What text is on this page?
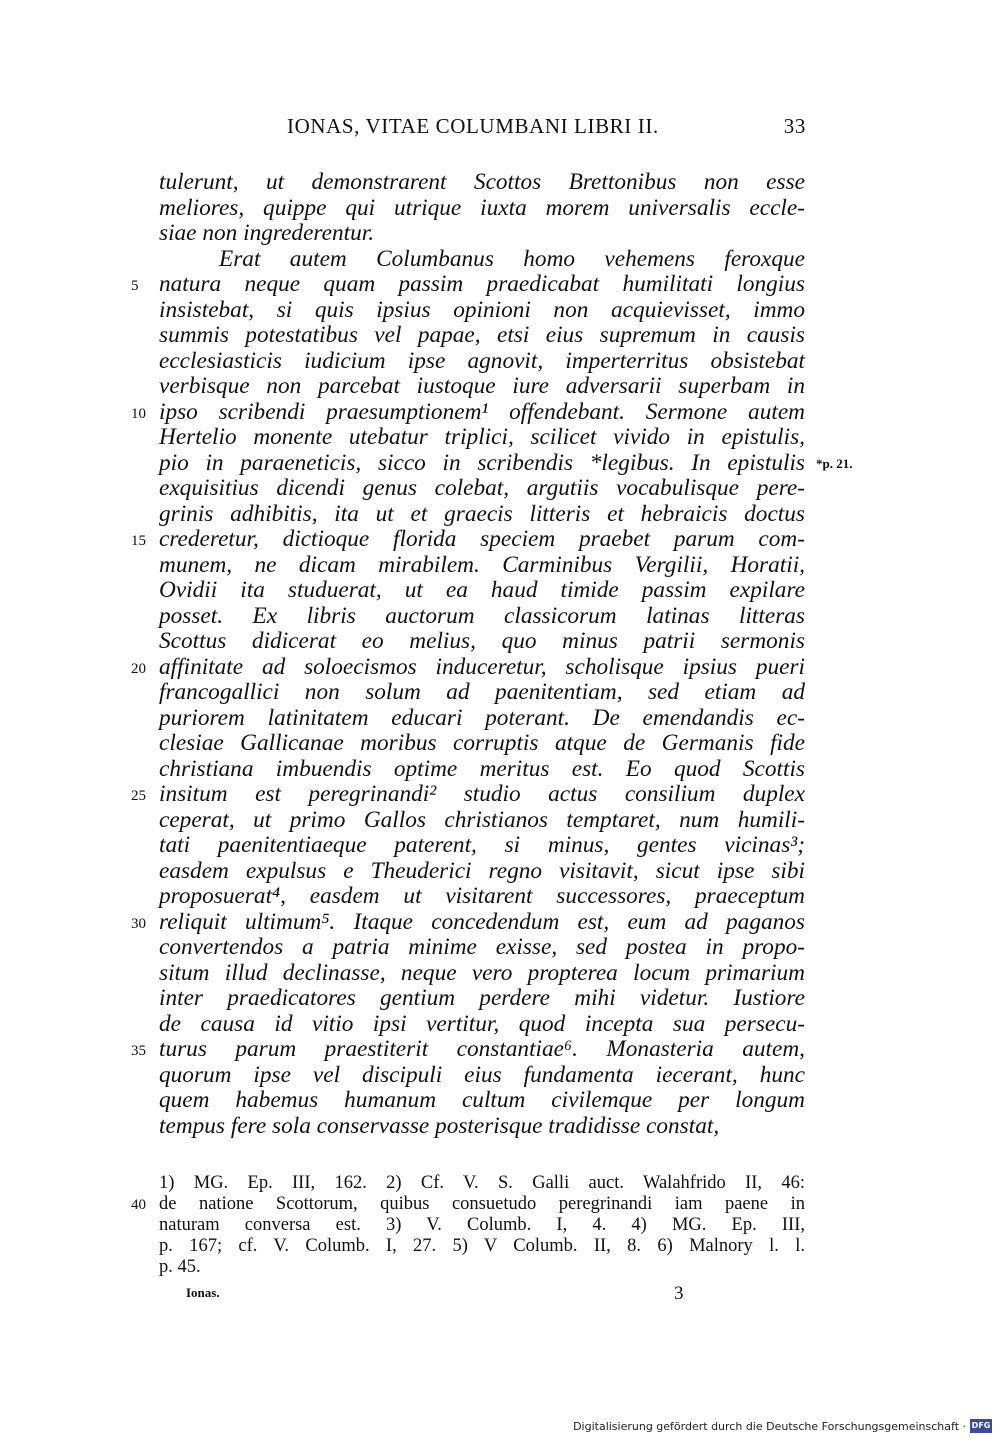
IONAS, VITAE COLUMBANI LIBRI II.	33
tulerunt, ut demonstrarent Scottos Brettonibus non esse
meliores, quippe qui utrique iuxta morem universalis eccle-
siae non ingrederentur.
Erat autem Columbanus homo vehemens feroxque
5 natura neque quam passim praedicabat humilitati longius
insistebat, si quis ipsius opinioni non acquievisset, immo
summis potestatibus vel papae, etsi eius supremum in causis
ecclesiasticis iudicium ipse agnovit, imperterritus obsistebat
verbisque non parcebat iustoque iure adversarii superbam in
10 ipso scribendi praesumptionem¹ offendebant. Sermone autem
Hertelio monente utebatur triplici, scilicet vivido in epistulis,
pio in paraeneticis, sicco in scribendis *legibus. In epistulis *p. 21.
exquisitius dicendi genus colebat, argutiis vocabulisque pere-
grinis adhibitis, ita ut et graecis litteris et hebraicis doctus
15 crederetur, dictioque florida speciem praebet parum com-
munem, ne dicam mirabilem. Carminibus Vergilii, Horatii,
Ovidii ita studuerat, ut ea haud timide passim expilare
posset. Ex libris auctorum classicorum latinas litteras
Scottus didicerat eo melius, quo minus patrii sermonis
20 affinitate ad soloecismos induceretur, scholisque ipsius pueri
francogallici non solum ad paenitentiam, sed etiam ad
puriorem latinitatem educari poterant. De emendandis ec-
clesiae Gallicanae moribus corruptis atque de Germanis fide
christiana imbuendis optime meritus est. Eo quod Scottis
25 insitum est peregrinandi² studio actus consilium duplex
ceperat, ut primo Gallos christianos temptaret, num humili-
tati paenitentiaeque paterent, si minus, gentes vicinas³;
easdem expulsus e Theuderici regno visitavit, sicut ipse sibi
proposuerat⁴, easdem ut visitarent successores, praeceptum
30 reliquit ultimum⁵. Itaque concedendum est, eum ad paganos
convertendos a patria minime exisse, sed postea in propo-
situm illud declinasse, neque vero propterea locum primarium
inter praedicatores gentium perdere mihi videtur. Iustiore
de causa id vitio ipsi vertitur, quod incepta sua persecu-
35 turus parum praestiterit constantiae⁶. Monasteria autem,
quorum ipse vel discipuli eius fundamenta iecerant, hunc
quem habemus humanum cultum civilemque per longum
tempus fere sola conservasse posterisque tradidisse constat,
1) MG. Ep. III, 162. 2) Cf. V. S. Galli auct. Walahfrido II, 46:
40 de natione Scottorum, quibus consuetudo peregrinandi iam paene in
naturam conversa est. 3) V. Columb. I, 4. 4) MG. Ep. III,
p. 167; cf. V. Columb. I, 27. 5) V Columb. II, 8. 6) Malnory l. l.
p. 45.
Ionas.	3
Digitalisierung gefördert durch die Deutsche Forschungsgemeinschaft · DFG
